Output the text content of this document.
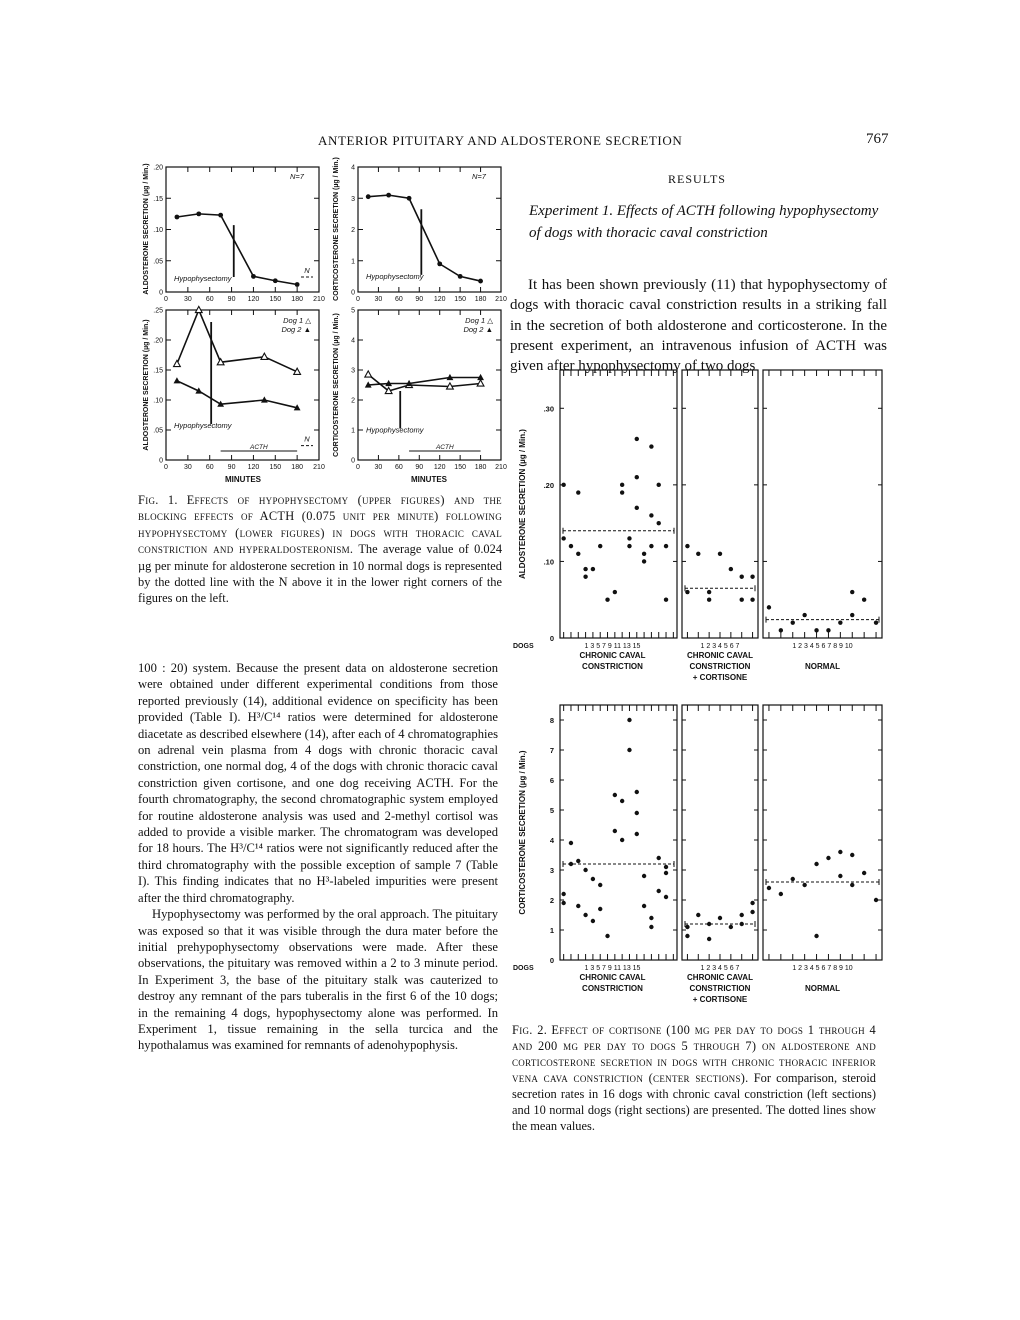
ANTERIOR PITUITARY AND ALDOSTERONE SECRETION	767
0 30 60 90 120 150 180 210
0
.05
.10
.15
.20
Hypophysectomy
N=7
N
0 30 60 90 120 150 180 210
0
1
2
3
4
Hypophysectomy
N=7
0 30 60 90 120 150 180 210
0
.05
.10
.15
.20
.25
Hypophysectomy
Dog 1 △
Dog 2 ▲
ACTH
N
0 30 60 90 120 150 180 210
0
1
2
3
4
5
Hypophysectomy
Dog 1 △
Dog 2 ▲
ACTH
ALDOSTERONE SECRETION (µg / Min.)
ALDOSTERONE SECRETION (µg / Min.)
CORTICOSTERONE SECRETION (µg / Min.)
CORTICOSTERONE SECRETION (µg / Min.)
MINUTES	MINUTES
Fig. 1. Effects of hypophysectomy (upper figures) and the blocking effects of ACTH (0.075 unit per minute) following hypophysectomy (lower figures) in dogs with thoracic caval constriction and hyperaldosteronism. The average value of 0.024 µg per minute for aldosterone secretion in 10 normal dogs is represented by the dotted line with the N above it in the lower right corners of the figures on the left.

100 : 20) system. Because the present data on aldosterone secretion were obtained under different experimental conditions from those reported previously (14), additional evidence on specificity has been provided (Table I). H³/C¹⁴ ratios were determined for aldosterone diacetate as described elsewhere (14), after each of 4 chromatographies on adrenal vein plasma from 4 dogs with chronic thoracic caval constriction, one normal dog, 4 of the dogs with chronic thoracic caval constriction given cortisone, and one dog receiving ACTH. For the fourth chromatography, the second chromatographic system employed for routine aldosterone analysis was used and 2-methyl cortisol was added to provide a visible marker. The chromatogram was developed for 18 hours. The H³/C¹⁴ ratios were not significantly reduced after the third chromatography with the possible exception of sample 7 (Table I). This finding indicates that no H³-labeled impurities were present after the third chromatography.

Hypophysectomy was performed by the oral approach. The pituitary was exposed so that it was visible through the dura mater before the initial prehypophysectomy observations were made. After these observations, the pituitary was removed within a 2 to 3 minute period. In Experiment 3, the base of the pituitary stalk was cauterized to destroy any remnant of the pars tuberalis in the first 6 of the 10 dogs; in the remaining 4 dogs, hypophysectomy alone was performed. In Experiment 1, tissue remaining in the sella turcica and the hypothalamus was examined for remnants of adenohypophysis.

RESULTS
Experiment 1. Effects of ACTH following hypophysectomy of dogs with thoracic caval constriction

It has been shown previously (11) that hypophysectomy of dogs with thoracic caval constriction results in a striking fall in the secretion of both aldosterone and corticosterone. In the present experiment, an intravenous infusion of ACTH was given after hypophysectomy of two dogs

0
.10
.20
.30
ALDOSTERONE SECRETION (µg / Min.)
DOGS	1 3 5 7 9 11 13 15	1 2 3 4 5 6 7	1 2 3 4 5 6 7 8 9 10
CHRONIC CAVAL
CONSTRICTION
CHRONIC CAVAL
CONSTRICTION
+ CORTISONE
NORMAL
0
1
2
3
4
5
6
7
8
CORTICOSTERONE SECRETION (µg / Min.)
DOGS	1 3 5 7 9 11 13 15	1 2 3 4 5 6 7	1 2 3 4 5 6 7 8 9 10
CHRONIC CAVAL
CONSTRICTION
CHRONIC CAVAL
CONSTRICTION
+ CORTISONE
NORMAL
Fig. 2. Effect of cortisone (100 mg per day to dogs 1 through 4 and 200 mg per day to dogs 5 through 7) on aldosterone and corticosterone secretion in dogs with chronic thoracic inferior vena cava constriction (center sections). For comparison, steroid secretion rates in 16 dogs with chronic caval constriction (left sections) and 10 normal dogs (right sections) are presented. The dotted lines show the mean values.
